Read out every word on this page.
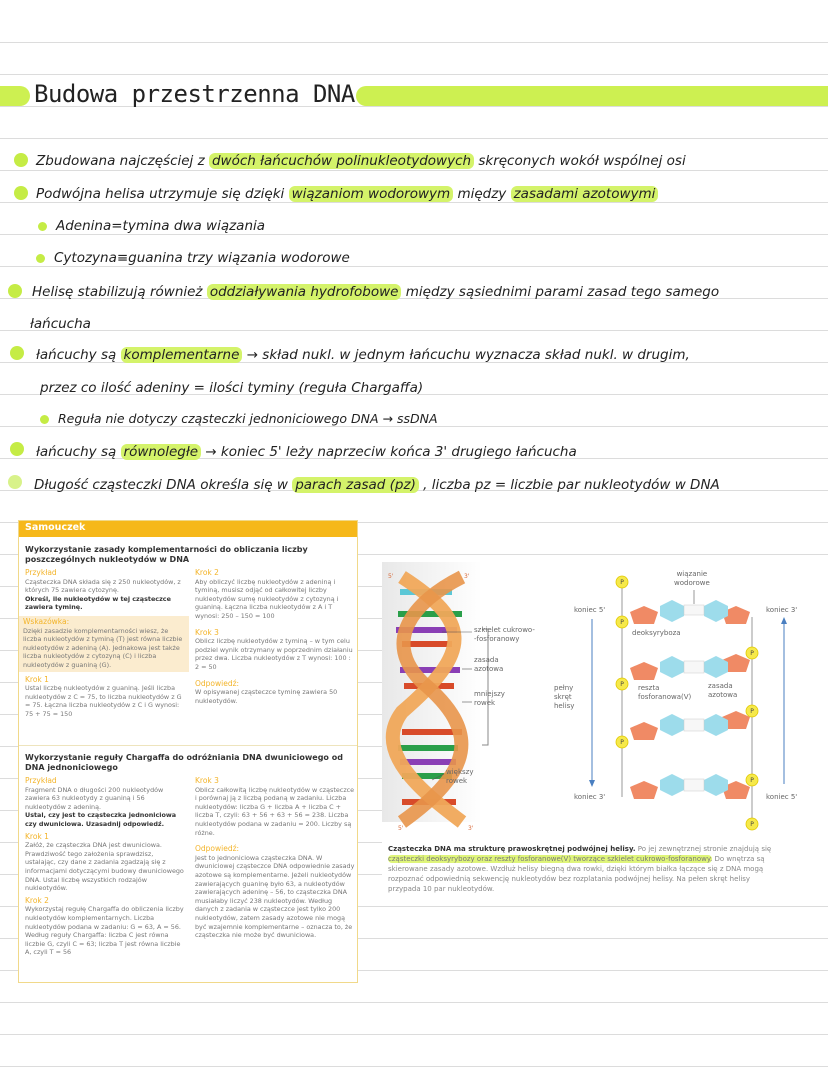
Budowa przestrzenna DNA
Zbudowana najczęściej z dwóch łańcuchów polinukleotydowych skręconych wokół wspólnej osi
Podwójna helisa utrzymuje się dzięki wiązaniom wodorowym między zasadami azotowymi
Adenina=tymina dwa wiązania
Cytozyna≡guanina trzy wiązania wodorowe
Helisę stabilizują również oddziaływania hydrofobowe między sąsiednimi parami zasad tego samego
łańcucha
łańcuchy są komplementarne → skład nukl. w jednym łańcuchu wyznacza skład nukl. w drugim,
przez co ilość adeniny = ilości tyminy (reguła Chargaffa)
Reguła nie dotyczy cząsteczki jednoniciowego DNA → ssDNA
łańcuchy są równoległe → koniec 5' leży naprzeciw końca 3' drugiego łańcucha
Długość cząsteczki DNA określa się w parach zasad (pz) , liczba pz = liczbie par nukleotydów w DNA
Samouczek
Wykorzystanie zasady komplementarności do obliczania liczby poszczególnych nukleotydów w DNA
Przykład
Cząsteczka DNA składa się z 250 nukleotydów, z których 75 zawiera cytozynę.
Określ, ile nukleotydów w tej cząsteczce zawiera tyminę.
Wskazówka:
Dzięki zasadzie komplementarności wiesz, że liczba nukleotydów z tyminą (T) jest równa liczbie nukleotydów z adeniną (A). Jednakowa jest także liczba nukleotydów z cytozyną (C) i liczba nukleotydów z guaniną (G).
Krok 1
Ustal liczbę nukleotydów z guaniną. Jeśli liczba nukleotydów z C = 75, to liczba nukleotydów z G = 75. Łączna liczba nukleotydów z C i G wynosi: 75 + 75 = 150
Krok 2
Aby obliczyć liczbę nukleotydów z adeniną i tyminą, musisz odjąć od całkowitej liczby nukleotydów sumę nukleotydów z cytozyną i guaniną. Łączna liczba nukleotydów z A i T wynosi: 250 – 150 = 100
Krok 3
Oblicz liczbę nukleotydów z tyminą – w tym celu podziel wynik otrzymany w poprzednim działaniu przez dwa. Liczba nukleotydów z T wynosi: 100 : 2 = 50
Odpowiedź:
W opisywanej cząsteczce tyminę zawiera 50 nukleotydów.
Wykorzystanie reguły Chargaffa do odróżniania DNA dwuniciowego od DNA jednoniciowego
Przykład
Fragment DNA o długości 200 nukleotydów zawiera 63 nukleotydy z guaniną i 56 nukleotydów z adeniną.
Ustal, czy jest to cząsteczka jednoniciowa czy dwuniciowa. Uzasadnij odpowiedź.
Krok 1
Załóż, że cząsteczka DNA jest dwuniciowa. Prawdziwość tego założenia sprawdzisz, ustalając, czy dane z zadania zgadzają się z informacjami dotyczącymi budowy dwuniciowego DNA. Ustal liczbę wszystkich rodzajów nukleotydów.
Krok 2
Wykorzystaj regułę Chargaffa do obliczenia liczby nukleotydów komplementarnych. Liczba nukleotydów podana w zadaniu: G = 63, A = 56. Według reguły Chargaffa: liczba C jest równa liczbie G, czyli C = 63; liczba T jest równa liczbie A, czyli T = 56
Krok 3
Oblicz całkowitą liczbę nukleotydów w cząsteczce i porównaj ją z liczbą podaną w zadaniu. Liczba nukleotydów: liczba G + liczba A + liczba C + liczba T, czyli: 63 + 56 + 63 + 56 = 238. Liczba nukleotydów podana w zadaniu = 200. Liczby są różne.
Odpowiedź:
Jest to jednoniciowa cząsteczka DNA. W dwuniciowej cząsteczce DNA odpowiednie zasady azotowe są komplementarne. Jeżeli nukleotydów zawierających guaninę było 63, a nukleotydów zawierających adeninę – 56, to cząsteczka DNA musiałaby liczyć 238 nukleotydów. Według danych z zadania w cząsteczce jest tylko 200 nukleotydów, zatem zasady azotowe nie mogą być wzajemnie komplementarne – oznacza to, że cząsteczka nie może być dwuniciowa.
P
P
P
P
P
P
P
P
5'	3'
5'	3'
szkielet cukrowo-
-fosforanowy
zasada
azotowa
mniejszy
rowek
większy
rowek
pełny
skręt
helisy
wiązanie
wodorowe
koniec 5'
koniec 3'
koniec 3'
koniec 5'
deoksyryboza
reszta
fosforanowa(V)
zasada
azotowa
Cząsteczka DNA ma strukturę prawoskrętnej podwójnej helisy. Po jej zewnętrznej stronie znajdują się cząsteczki deoksyrybozy oraz reszty fosforanowe(V) tworzące szkielet cukrowo-fosforanowy. Do wnętrza są skierowane zasady azotowe. Wzdłuż helisy biegną dwa rowki, dzięki którym białka łączące się z DNA mogą rozpoznać odpowiednią sekwencję nukleotydów bez rozplatania podwójnej helisy. Na pełen skręt helisy przypada 10 par nukleotydów.
